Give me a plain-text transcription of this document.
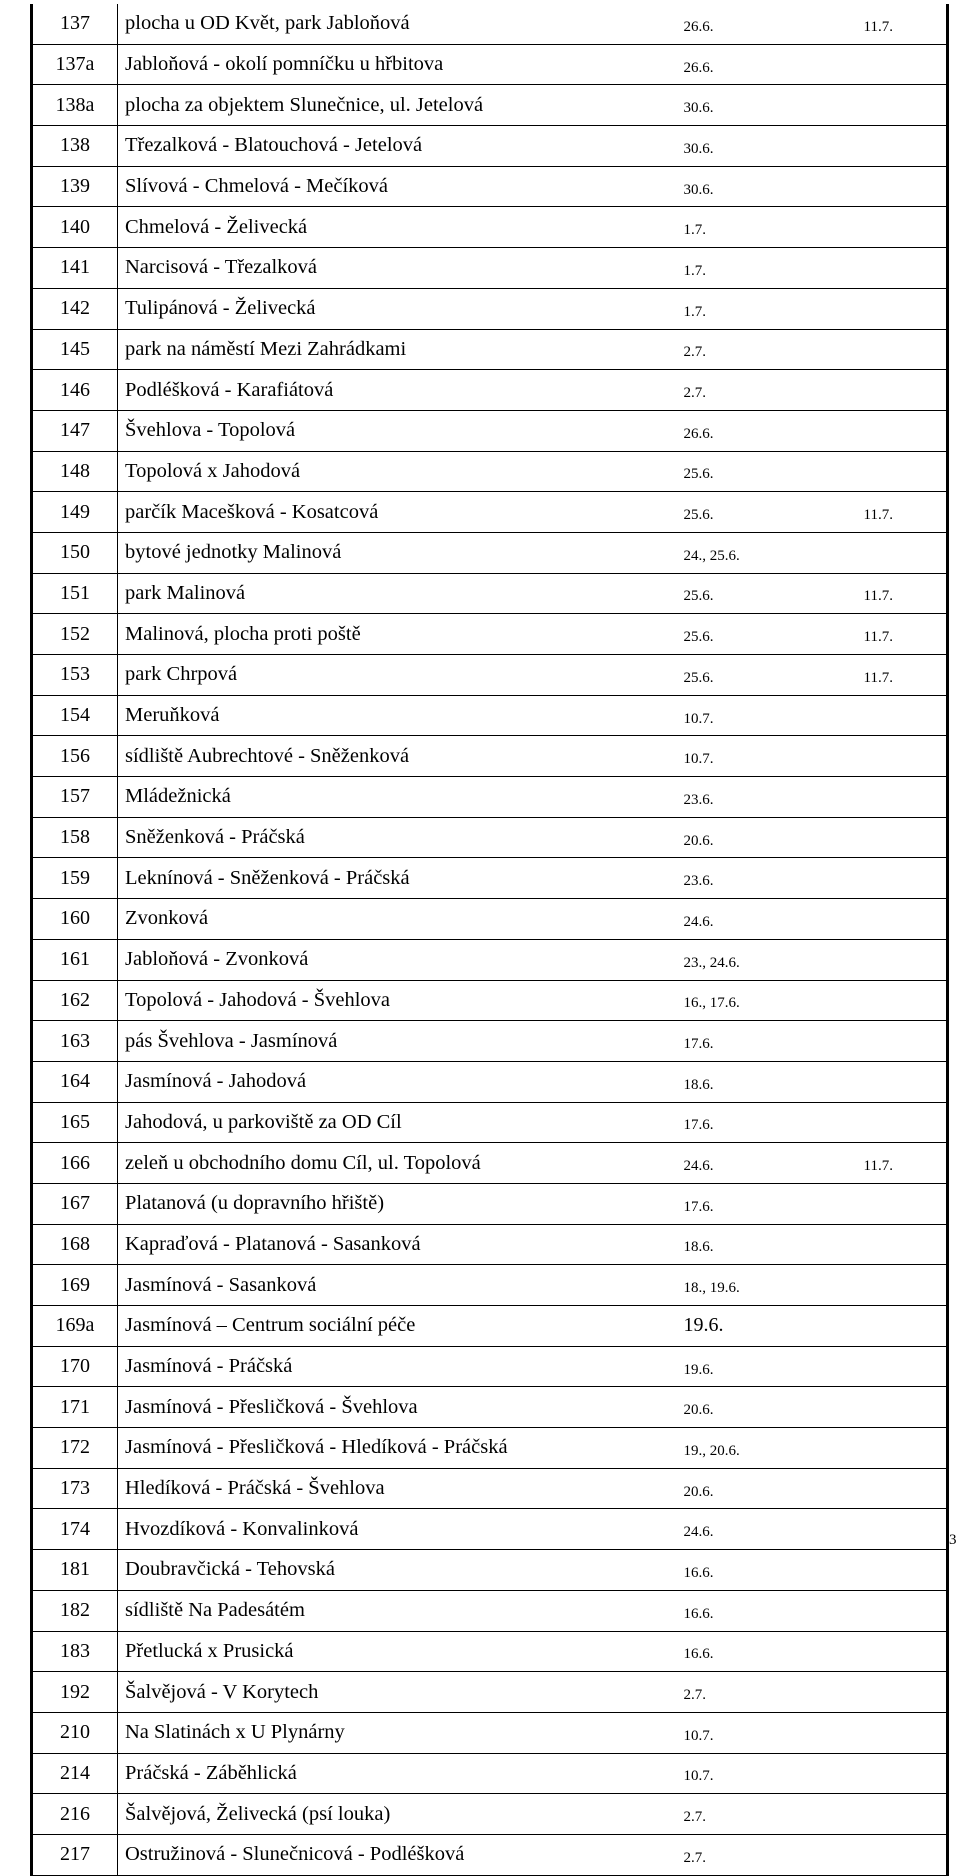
137	plocha u OD Květ, park Jabloňová	26.6.	11.7.
137a	Jabloňová - okolí pomníčku u hřbitova	26.6.	
138a	plocha za objektem Slunečnice, ul. Jetelová	30.6.	
138	Třezalková - Blatouchová - Jetelová	30.6.	
139	Slívová - Chmelová - Mečíková	30.6.	
140	Chmelová - Želivecká	1.7.	
141	Narcisová - Třezalková	1.7.	
142	Tulipánová - Želivecká	1.7.	
145	park na náměstí Mezi Zahrádkami	2.7.	
146	Podléšková - Karafiátová	2.7.	
147	Švehlova - Topolová	26.6.	
148	Topolová x Jahodová	25.6.	
149	parčík Macešková - Kosatcová	25.6.	11.7.
150	bytové jednotky Malinová	24., 25.6.	
151	park Malinová	25.6.	11.7.
152	Malinová, plocha proti poště	25.6.	11.7.
153	park Chrpová	25.6.	11.7.
154	Meruňková	10.7.	
156	sídliště Aubrechtové - Sněženková	10.7.	
157	Mládežnická	23.6.	
158	Sněženková - Práčská	20.6.	
159	Leknínová - Sněženková - Práčská	23.6.	
160	Zvonková	24.6.	
161	Jabloňová - Zvonková	23., 24.6.	
162	Topolová - Jahodová - Švehlova	16., 17.6.	
163	pás Švehlova - Jasmínová	17.6.	
164	Jasmínová - Jahodová	18.6.	
165	Jahodová, u parkoviště za OD Cíl	17.6.	
166	zeleň u obchodního domu Cíl, ul. Topolová	24.6.	11.7.
167	Platanová (u dopravního hřiště)	17.6.	
168	Kapraďová - Platanová - Sasanková	18.6.	
169	Jasmínová - Sasanková	18., 19.6.	
169a	Jasmínová – Centrum sociální péče	19.6.	
170	Jasmínová - Práčská	19.6.	
171	Jasmínová - Přesličková - Švehlova	20.6.	
172	Jasmínová - Přesličková - Hledíková - Práčská	19., 20.6.	
173	Hledíková - Práčská - Švehlova	20.6.	
174	Hvozdíková - Konvalinková	24.6.	
181	Doubravčická - Tehovská	16.6.	
182	sídliště Na Padesátém	16.6.	
183	Přetlucká x Prusická	16.6.	
192	Šalvějová - V Korytech	2.7.	
210	Na Slatinách x U Plynárny	10.7.	
214	Práčská - Záběhlická	10.7.	
216	Šalvějová, Želivecká (psí louka)	2.7.	
217	Ostružinová - Slunečnicová - Podléšková	2.7.	
3
